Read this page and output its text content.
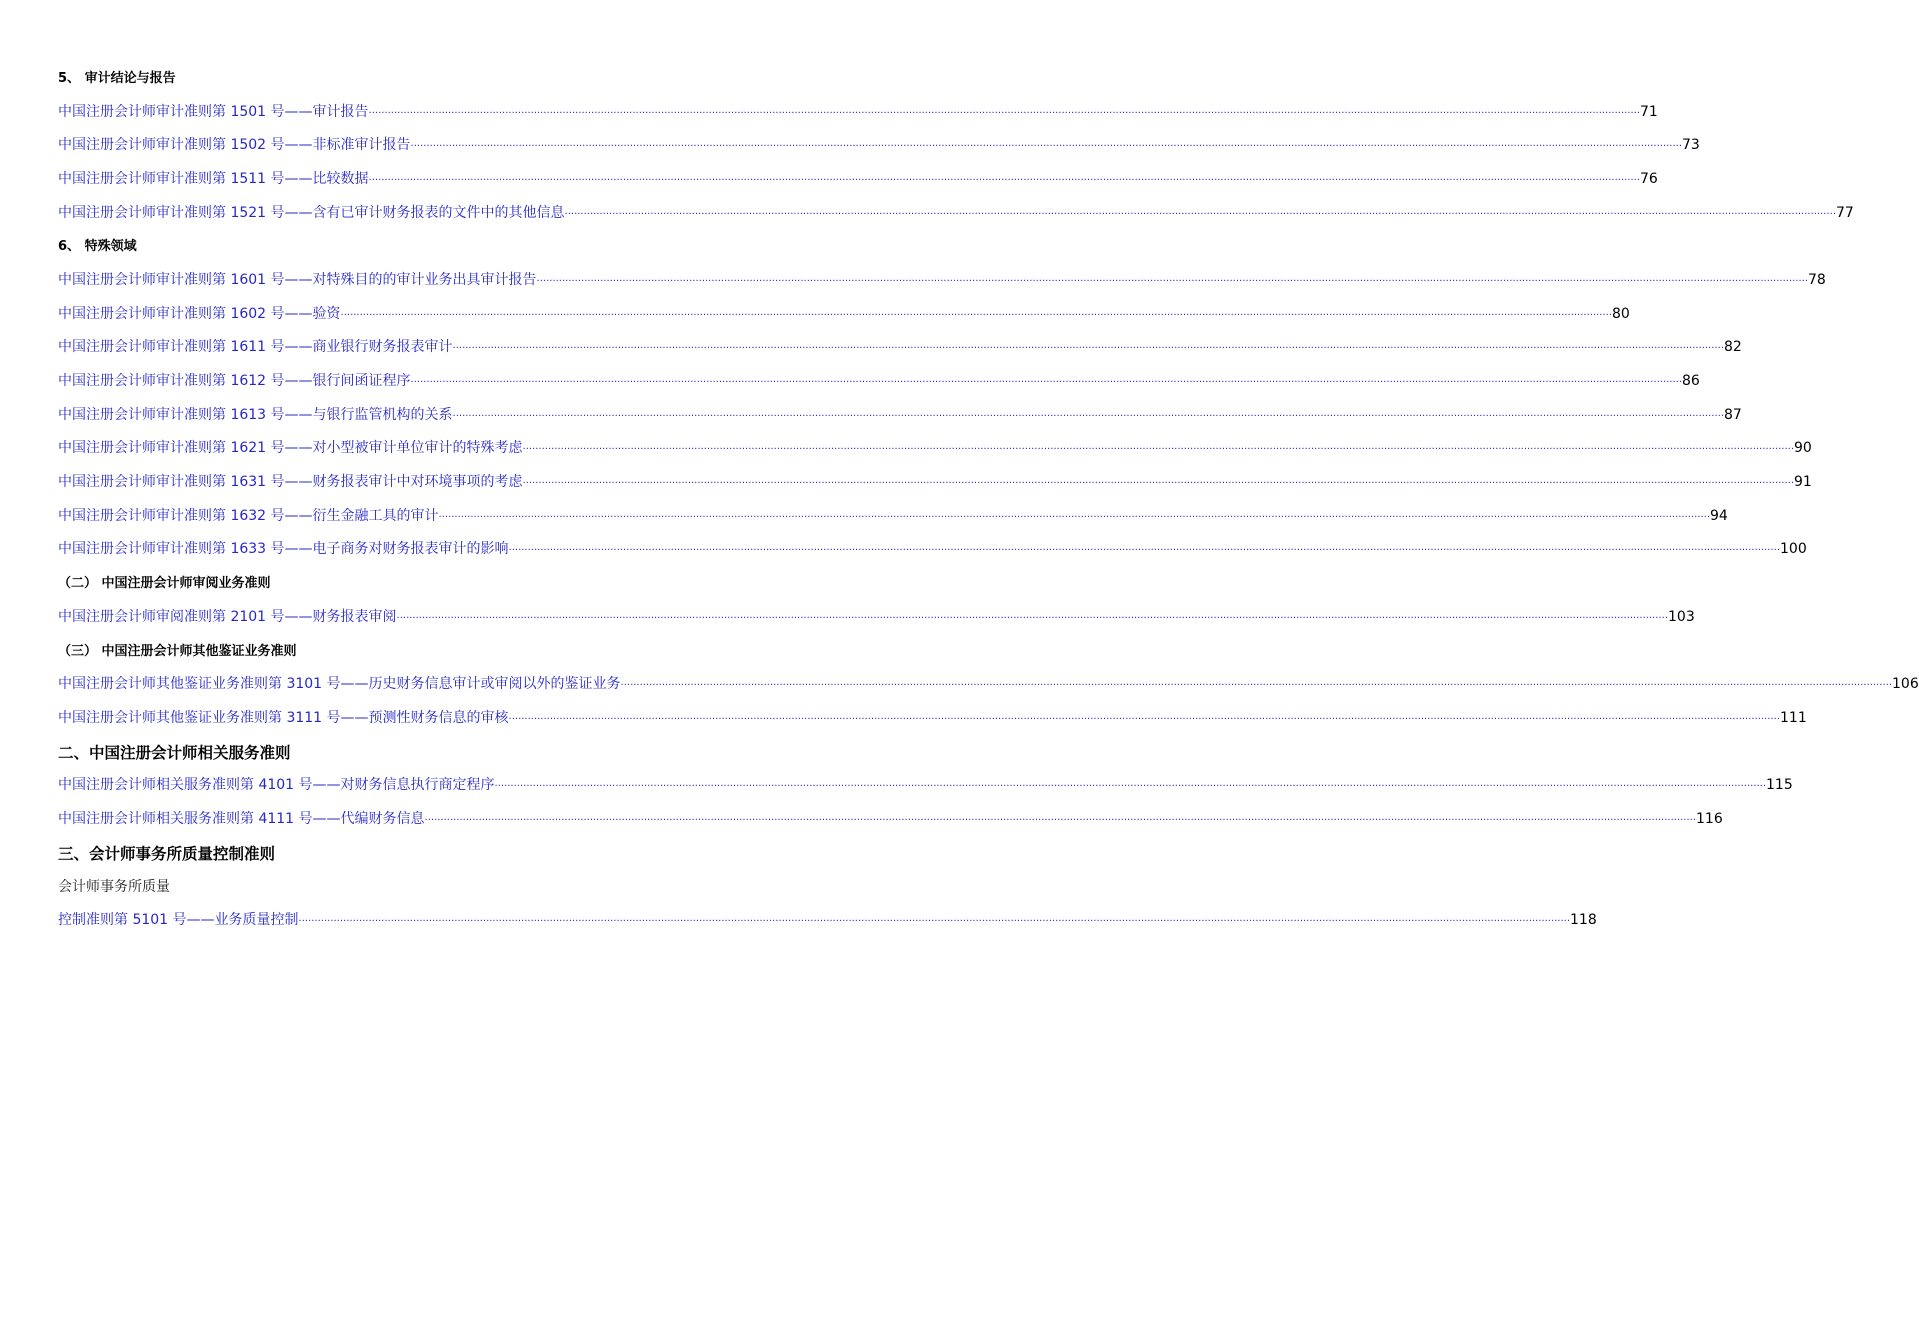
5、 审计结论与报告
中国注册会计师审计准则第 1501 号——审计报告 ················································································································································································································································································································································································································ 71
中国注册会计师审计准则第 1502 号——非标准审计报告 ················································································································································································································································································································································································································ 73
中国注册会计师审计准则第 1511 号——比较数据 ················································································································································································································································································································································································································ 76
中国注册会计师审计准则第 1521 号——含有已审计财务报表的文件中的其他信息 ················································································································································································································································································································································································································ 77
6、 特殊领域
中国注册会计师审计准则第 1601 号——对特殊目的的审计业务出具审计报告 ················································································································································································································································································································································································································ 78
中国注册会计师审计准则第 1602 号——验资 ················································································································································································································································································································································································································ 80
中国注册会计师审计准则第 1611 号——商业银行财务报表审计 ················································································································································································································································································································································································································ 82
中国注册会计师审计准则第 1612 号——银行间函证程序 ················································································································································································································································································································································································································ 86
中国注册会计师审计准则第 1613 号——与银行监管机构的关系 ················································································································································································································································································································································································································ 87
中国注册会计师审计准则第 1621 号——对小型被审计单位审计的特殊考虑 ················································································································································································································································································································································································································ 90
中国注册会计师审计准则第 1631 号——财务报表审计中对环境事项的考虑 ················································································································································································································································································································································································································ 91
中国注册会计师审计准则第 1632 号——衍生金融工具的审计 ················································································································································································································································································································································································································ 94
中国注册会计师审计准则第 1633 号——电子商务对财务报表审计的影响 ················································································································································································································································································································································································································ 100
（二） 中国注册会计师审阅业务准则
中国注册会计师审阅准则第 2101 号——财务报表审阅 ················································································································································································································································································································································································································ 103
（三） 中国注册会计师其他鉴证业务准则
中国注册会计师其他鉴证业务准则第 3101 号——历史财务信息审计或审阅以外的鉴证业务 ················································································································································································································································································································································································································ 106
中国注册会计师其他鉴证业务准则第 3111 号——预测性财务信息的审核 ················································································································································································································································································································································································································ 111
二、中国注册会计师相关服务准则
中国注册会计师相关服务准则第 4101 号——对财务信息执行商定程序 ················································································································································································································································································································································································································ 115
中国注册会计师相关服务准则第 4111 号——代编财务信息 ················································································································································································································································································································································································································ 116
三、会计师事务所质量控制准则
会计师事务所质量
控制准则第 5101 号——业务质量控制 ················································································································································································································································································································································································································ 118
